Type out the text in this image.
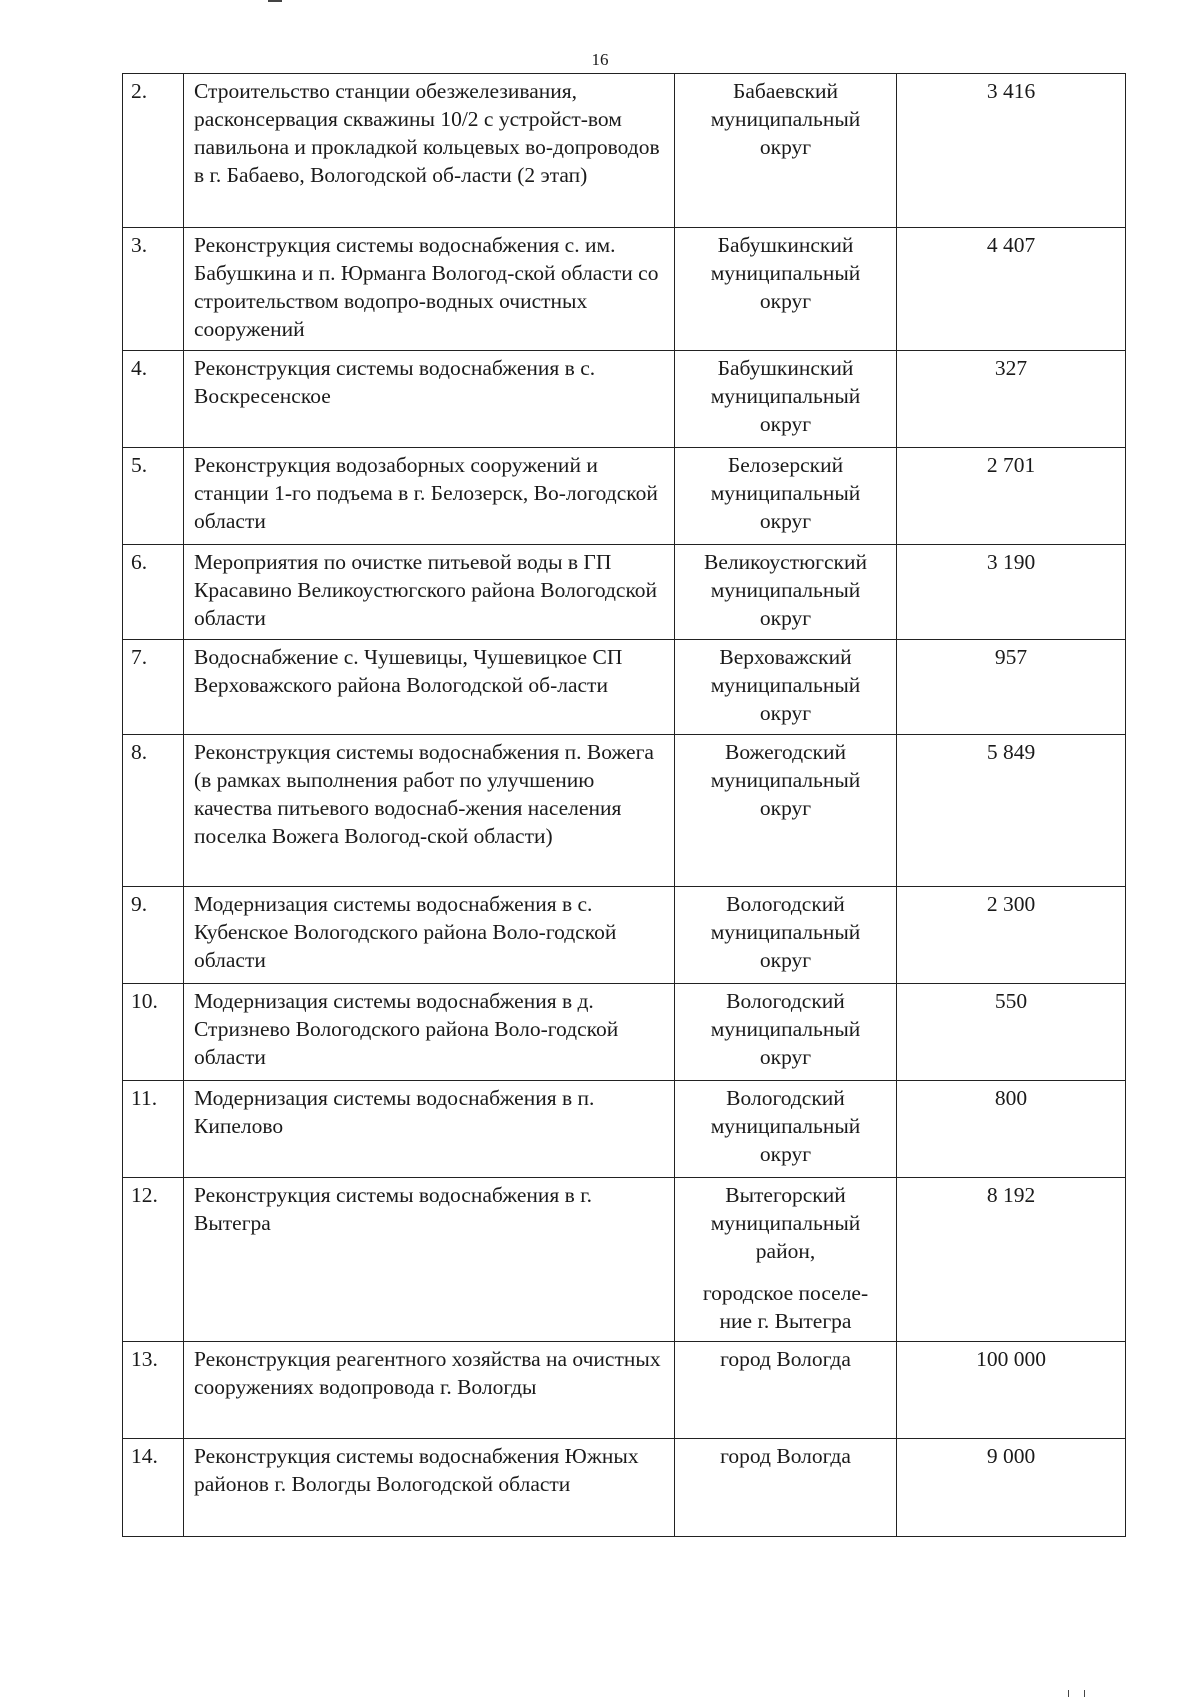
16
2.	Строительство станции обезжелезивания, расконсервация скважины 10/2 с устройст-вом павильона и прокладкой кольцевых во-допроводов в г. Бабаево, Вологодской об-ласти (2 этап)	Бабаевский
муниципальный
округ	3 416
3.	Реконструкция системы водоснабжения с. им. Бабушкина и п. Юрманга Вологод-ской области со строительством водопро-водных очистных сооружений	Бабушкинский
муниципальный
округ	4 407
4.	Реконструкция системы водоснабжения в с. Воскресенское	Бабушкинский
муниципальный
округ	327
5.	Реконструкция водозаборных сооружений и станции 1-го подъема в г. Белозерск, Во-логодской области	Белозерский
муниципальный
округ	2 701
6.	Мероприятия по очистке питьевой воды в ГП Красавино Великоустюгского района Вологодской области	Великоустюгский
муниципальный
округ	3 190
7.	Водоснабжение с. Чушевицы, Чушевицкое СП Верховажского района Вологодской об-ласти	Верховажский
муниципальный
округ	957
8.	Реконструкция системы водоснабжения п. Вожега (в рамках выполнения работ по улучшению качества питьевого водоснаб-жения населения поселка Вожега Вологод-ской области)	Вожегодский
муниципальный
округ	5 849
9.	Модернизация системы водоснабжения в с. Кубенское Вологодского района Воло-годской области	Вологодский
муниципальный
округ	2 300
10.	Модернизация системы водоснабжения в д. Стризнево Вологодского района Воло-годской области	Вологодский
муниципальный
округ	550
11.	Модернизация системы водоснабжения в п. Кипелово	Вологодский
муниципальный
округ	800
12.	Реконструкция системы водоснабжения в г. Вытегра	Вытегорский
муниципальный
район,
городское поселе-
ние г. Вытегра	8 192
13.	Реконструкция реагентного хозяйства на очистных сооружениях водопровода г. Вологды	город Вологда	100 000
14.	Реконструкция системы водоснабжения Южных районов г. Вологды Вологодской области	город Вологда	9 000
